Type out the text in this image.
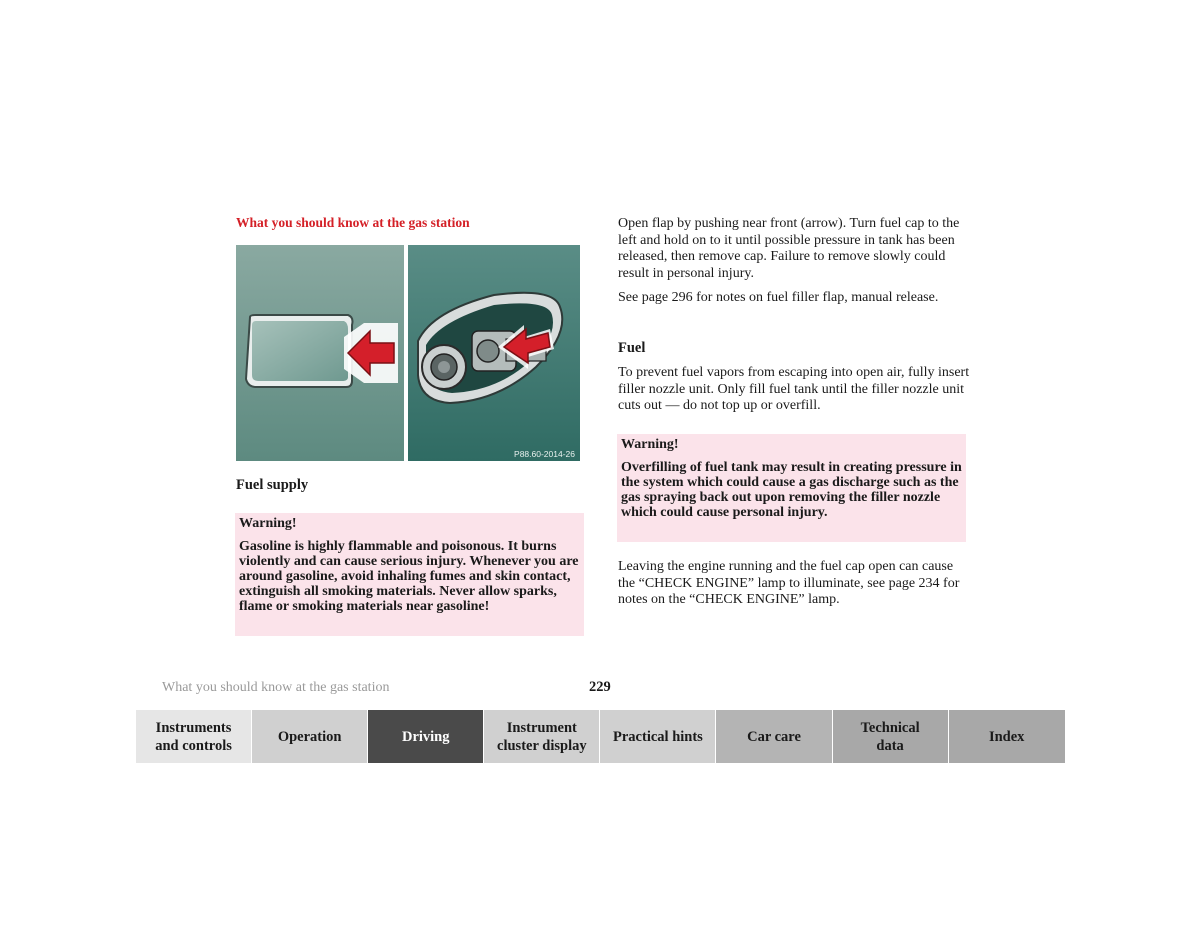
What you should know at the gas station
P88.60-2014-26
Fuel supply
Warning!
Gasoline is highly flammable and poisonous. It burns violently and can cause serious injury. Whenever you are around gasoline, avoid inhaling fumes and skin contact, extinguish all smoking materials. Never allow sparks, flame or smoking materials near gasoline!
Open flap by pushing near front (arrow). Turn fuel cap to the left and hold on to it until possible pressure in tank has been released, then remove cap. Failure to remove slowly could result in personal injury.
See page 296 for notes on fuel filler flap, manual release.
Fuel
To prevent fuel vapors from escaping into open air, fully insert filler nozzle unit. Only fill fuel tank until the filler nozzle unit cuts out — do not top up or overfill.
Warning!
Overfilling of fuel tank may result in creating pressure in the system which could cause a gas discharge such as the gas spraying back out upon removing the filler nozzle which could cause personal injury.
Leaving the engine running and the fuel cap open can cause the “CHECK ENGINE” lamp to illuminate, see page 234 for notes on the “CHECK ENGINE” lamp.
What you should know at the gas station	229
Instruments
and controls
Operation	Driving
Instrument
cluster display
Practical hints	Car care
Technical
data
Index
